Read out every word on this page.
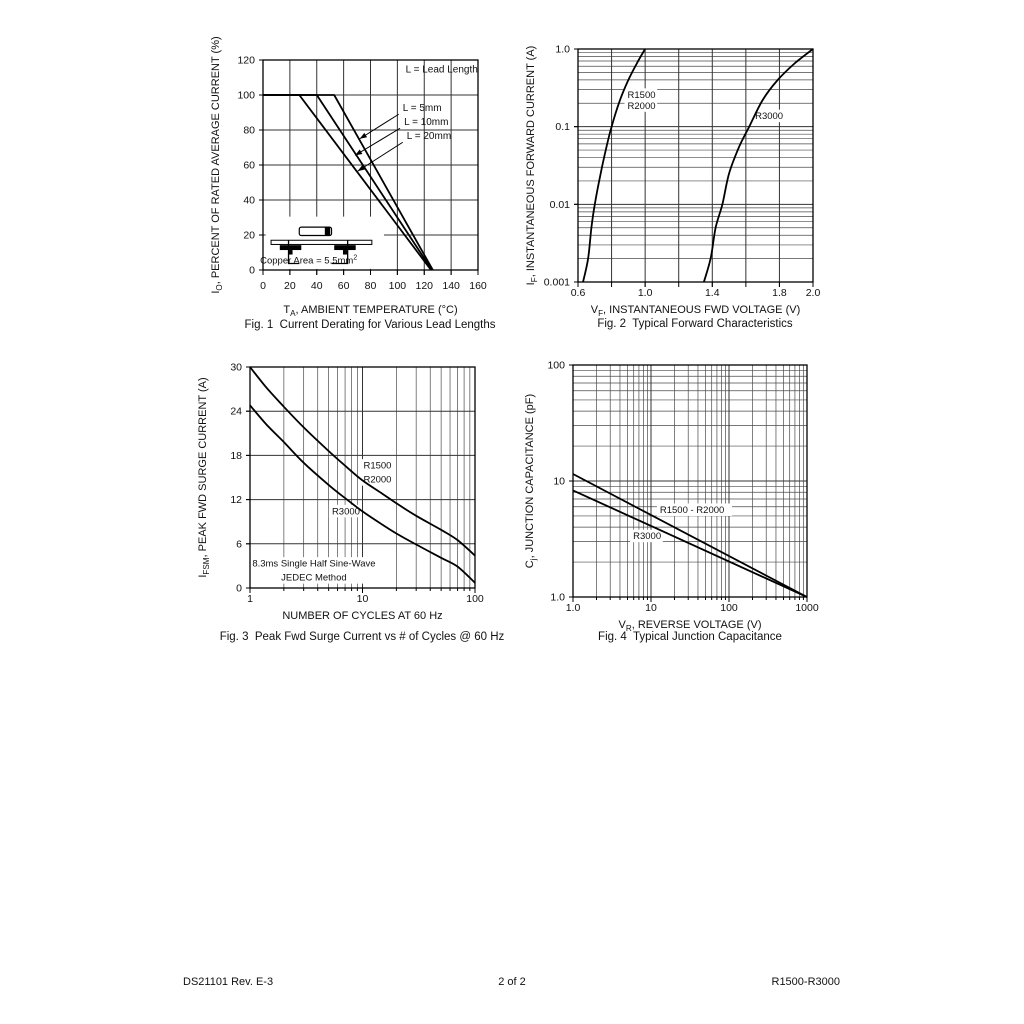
L = Lead Length
L = 5mm
L = 10mm
L = 20mm
Copper Area = $5.5mm^2$
0 20 40 60 80 100 120 140 160
0
20
40
60
80
100
120
$T_A$, AMBIENT TEMPERATURE (°C)
$I_O$, PERCENT OF RATED AVERAGE CURRENT (%)	R1500
R2000
R3000
0.6	1.0	1.4	1.8 2.0
1.0
0.1
0.01
0.001
$V_F$, INSTANTANEOUS FWD VOLTAGE (V)
$I_F$, INSTANTANEOUS FORWARD CURRENT (A)
R1500
R2000
R3000
8.3ms Single Half Sine-Wave
JEDEC Method
1	10	100
0
6
12
18
24
30
NUMBER OF CYCLES AT 60 Hz
$I_{FSM}$, PEAK FWD SURGE CURRENT (A)	R1500 - R2000
R3000
1.0	10	100	1000
1.0
10
100
$V_R$, REVERSE VOLTAGE (V)
$C_j$, JUNCTION CAPACITANCE (pF)
Fig. 1  Current Derating for Various Lead Lengths	Fig. 2  Typical Forward Characteristics
Fig. 3  Peak Fwd Surge Current vs # of Cycles @ 60 Hz	Fig. 4  Typical Junction Capacitance
DS21101 Rev. E-3	2 of 2	R1500-R3000
